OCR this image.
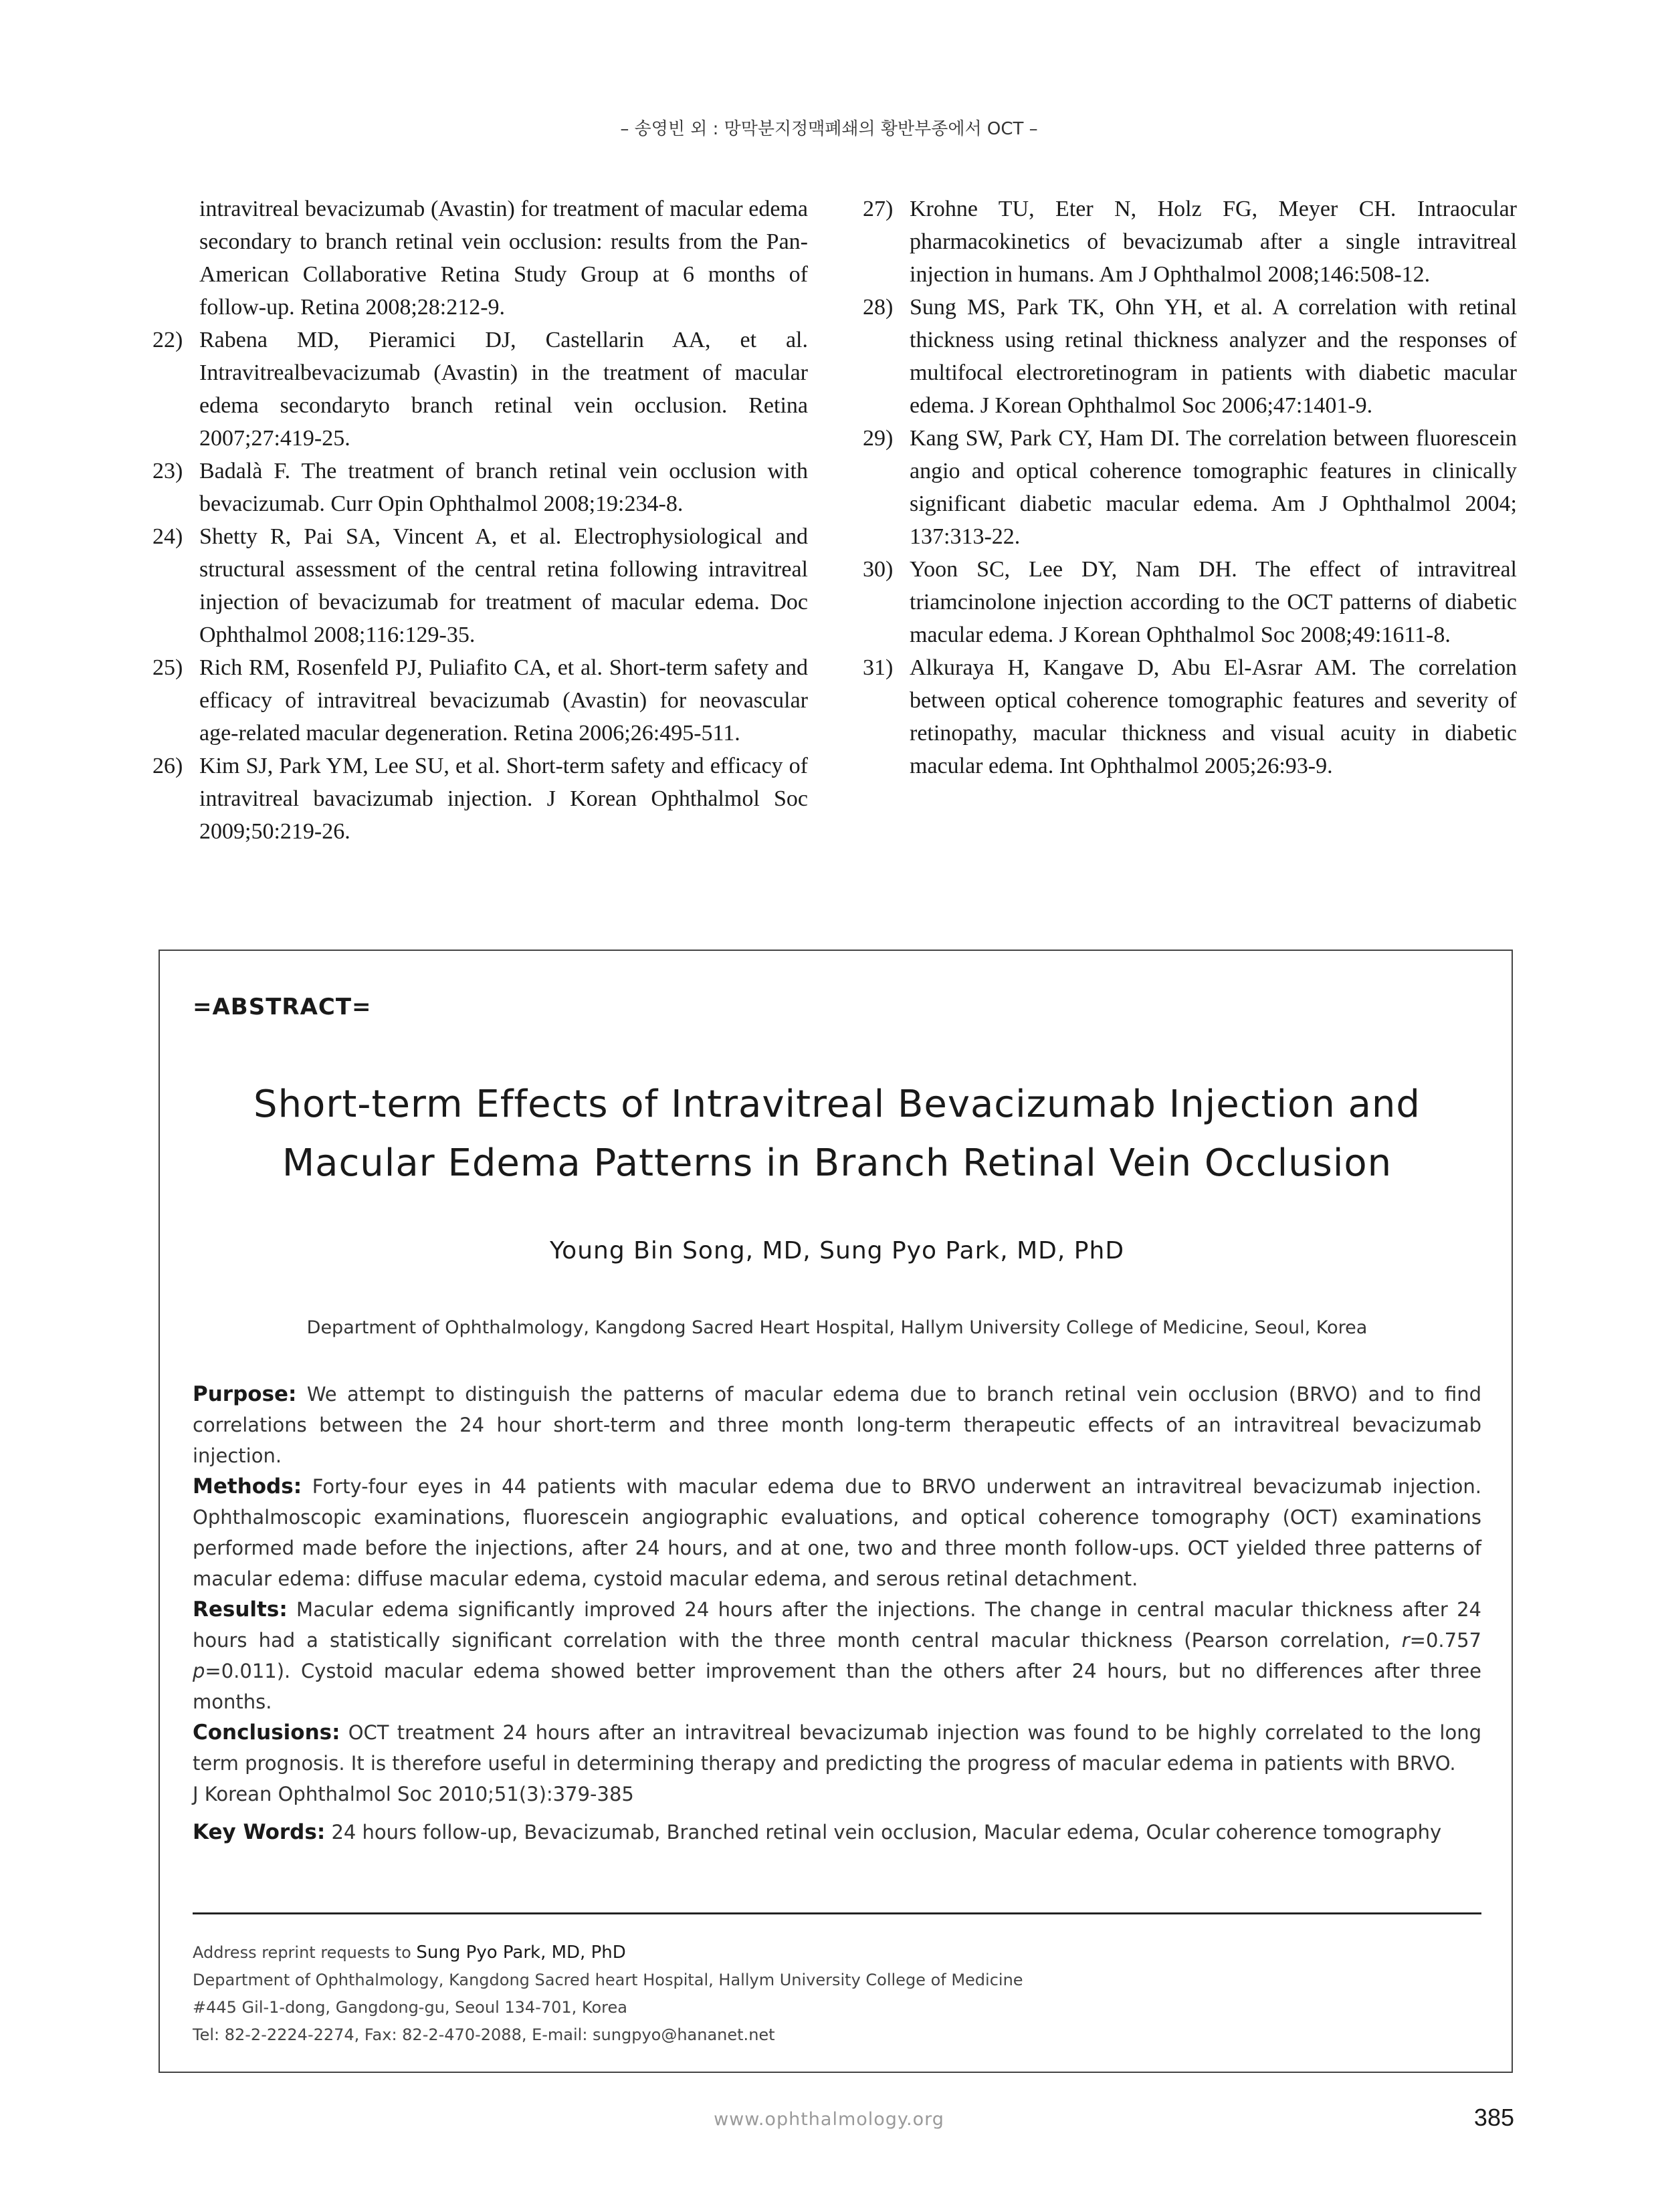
– 송영빈 외 : 망막분지정맥폐쇄의 황반부종에서 OCT –
intravitreal bevacizumab (Avastin) for treatment of macular edema secondary to branch retinal vein occlusion: results from the Pan-American Collaborative Retina Study Group at 6 months of follow-up. Retina 2008;28:212-9.
22) Rabena MD, Pieramici DJ, Castellarin AA, et al. Intravitrealbevacizumab (Avastin) in the treatment of macular edema secondaryto branch retinal vein occlusion. Retina 2007;27:419-25.
23) Badalà F. The treatment of branch retinal vein occlusion with bevacizumab. Curr Opin Ophthalmol 2008;19:234-8.
24) Shetty R, Pai SA, Vincent A, et al. Electrophysiological and structural assessment of the central retina following intravitreal injection of bevacizumab for treatment of macular edema. Doc Ophthalmol 2008;116:129-35.
25) Rich RM, Rosenfeld PJ, Puliafito CA, et al. Short-term safety and efficacy of intravitreal bevacizumab (Avastin) for neovascular age-related macular degeneration. Retina 2006;26:495-511.
26) Kim SJ, Park YM, Lee SU, et al. Short-term safety and efficacy of intravitreal bavacizumab injection. J Korean Ophthalmol Soc 2009;50:219-26.
27) Krohne TU, Eter N, Holz FG, Meyer CH. Intraocular pharmacokinetics of bevacizumab after a single intravitreal injection in humans. Am J Ophthalmol 2008;146:508-12.
28) Sung MS, Park TK, Ohn YH, et al. A correlation with retinal thickness using retinal thickness analyzer and the responses of multifocal electroretinogram in patients with diabetic macular edema. J Korean Ophthalmol Soc 2006;47:1401-9.
29) Kang SW, Park CY, Ham DI. The correlation between fluorescein angio and optical coherence tomographic features in clinically significant diabetic macular edema. Am J Ophthalmol 2004; 137:313-22.
30) Yoon SC, Lee DY, Nam DH. The effect of intravitreal triamcinolone injection according to the OCT patterns of diabetic macular edema. J Korean Ophthalmol Soc 2008;49:1611-8.
31) Alkuraya H, Kangave D, Abu El-Asrar AM. The correlation between optical coherence tomographic features and severity of retinopathy, macular thickness and visual acuity in diabetic macular edema. Int Ophthalmol 2005;26:93-9.
=ABSTRACT=
Short-term Effects of Intravitreal Bevacizumab Injection and
Macular Edema Patterns in Branch Retinal Vein Occlusion
Young Bin Song, MD, Sung Pyo Park, MD, PhD
Department of Ophthalmology, Kangdong Sacred Heart Hospital, Hallym University College of Medicine, Seoul, Korea

Purpose: We attempt to distinguish the patterns of macular edema due to branch retinal vein occlusion (BRVO) and to find correlations between the 24 hour short-term and three month long-term therapeutic effects of an intravitreal bevacizumab injection.

Methods: Forty-four eyes in 44 patients with macular edema due to BRVO underwent an intravitreal bevacizumab injection. Ophthalmoscopic examinations, fluorescein angiographic evaluations, and optical coherence tomography (OCT) examinations performed made before the injections, after 24 hours, and at one, two and three month follow-ups. OCT yielded three patterns of macular edema: diffuse macular edema, cystoid macular edema, and serous retinal detachment.

Results: Macular edema significantly improved 24 hours after the injections. The change in central macular thickness after 24 hours had a statistically significant correlation with the three month central macular thickness (Pearson correlation, r=0.757 p=0.011). Cystoid macular edema showed better improvement than the others after 24 hours, but no differences after three months.

Conclusions: OCT treatment 24 hours after an intravitreal bevacizumab injection was found to be highly correlated to the long term prognosis. It is therefore useful in determining therapy and predicting the progress of macular edema in patients with BRVO.

J Korean Ophthalmol Soc 2010;51(3):379-385

Key Words: 24 hours follow-up, Bevacizumab, Branched retinal vein occlusion, Macular edema, Ocular coherence tomography
Address reprint requests to Sung Pyo Park, MD, PhD
Department of Ophthalmology, Kangdong Sacred heart Hospital, Hallym University College of Medicine
#445 Gil-1-dong, Gangdong-gu, Seoul 134-701, Korea
Tel: 82-2-2224-2274, Fax: 82-2-470-2088, E-mail: sungpyo@hananet.net
www.ophthalmology.org	385
